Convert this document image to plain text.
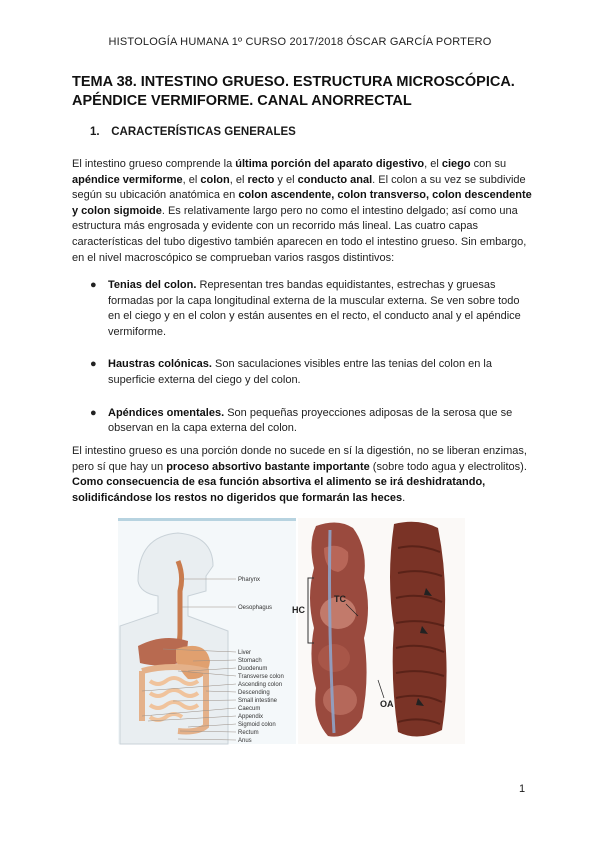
HISTOLOGÍA HUMANA 1º CURSO 2017/2018 ÓSCAR GARCÍA PORTERO
TEMA 38. INTESTINO GRUESO. ESTRUCTURA MICROSCÓPICA. APÉNDICE VERMIFORME. CANAL ANORRECTAL
1. CARACTERÍSTICAS GENERALES
El intestino grueso comprende la última porción del aparato digestivo, el ciego con su apéndice vermiforme, el colon, el recto y el conducto anal. El colon a su vez se subdivide según su ubicación anatómica en colon ascendente, colon transverso, colon descendente y colon sigmoide. Es relativamente largo pero no como el intestino delgado; así como una estructura más engrosada y evidente con un recorrido más lineal. Las cuatro capas características del tubo digestivo también aparecen en todo el intestino grueso. Sin embargo, en el nivel macroscópico se comprueban varios rasgos distintivos:
● Tenias del colon. Representan tres bandas equidistantes, estrechas y gruesas formadas por la capa longitudinal externa de la muscular externa. Se ven sobre todo en el ciego y en el colon y están ausentes en el recto, el conducto anal y el apéndice vermiforme.
● Haustras colónicas. Son saculaciones visibles entre las tenias del colon en la superficie externa del ciego y del colon.
● Apéndices omentales. Son pequeñas proyecciones adiposas de la serosa que se observan en la capa externa del colon.
El intestino grueso es una porción donde no sucede en sí la digestión, no se liberan enzimas, pero sí que hay un proceso absortivo bastante importante (sobre todo agua y electrolitos). Como consecuencia de esa función absortiva el alimento se irá deshidratando, solidificándose los restos no digeridos que formarán las heces.
Pharynx
Oesophagus
Liver
Stomach
Duodenum
Transverse colon
Ascending colon
Descending
Small intestine
Caecum
Appendix
Sigmoid colon
Rectum
Anus
HC
TC
OA
1
